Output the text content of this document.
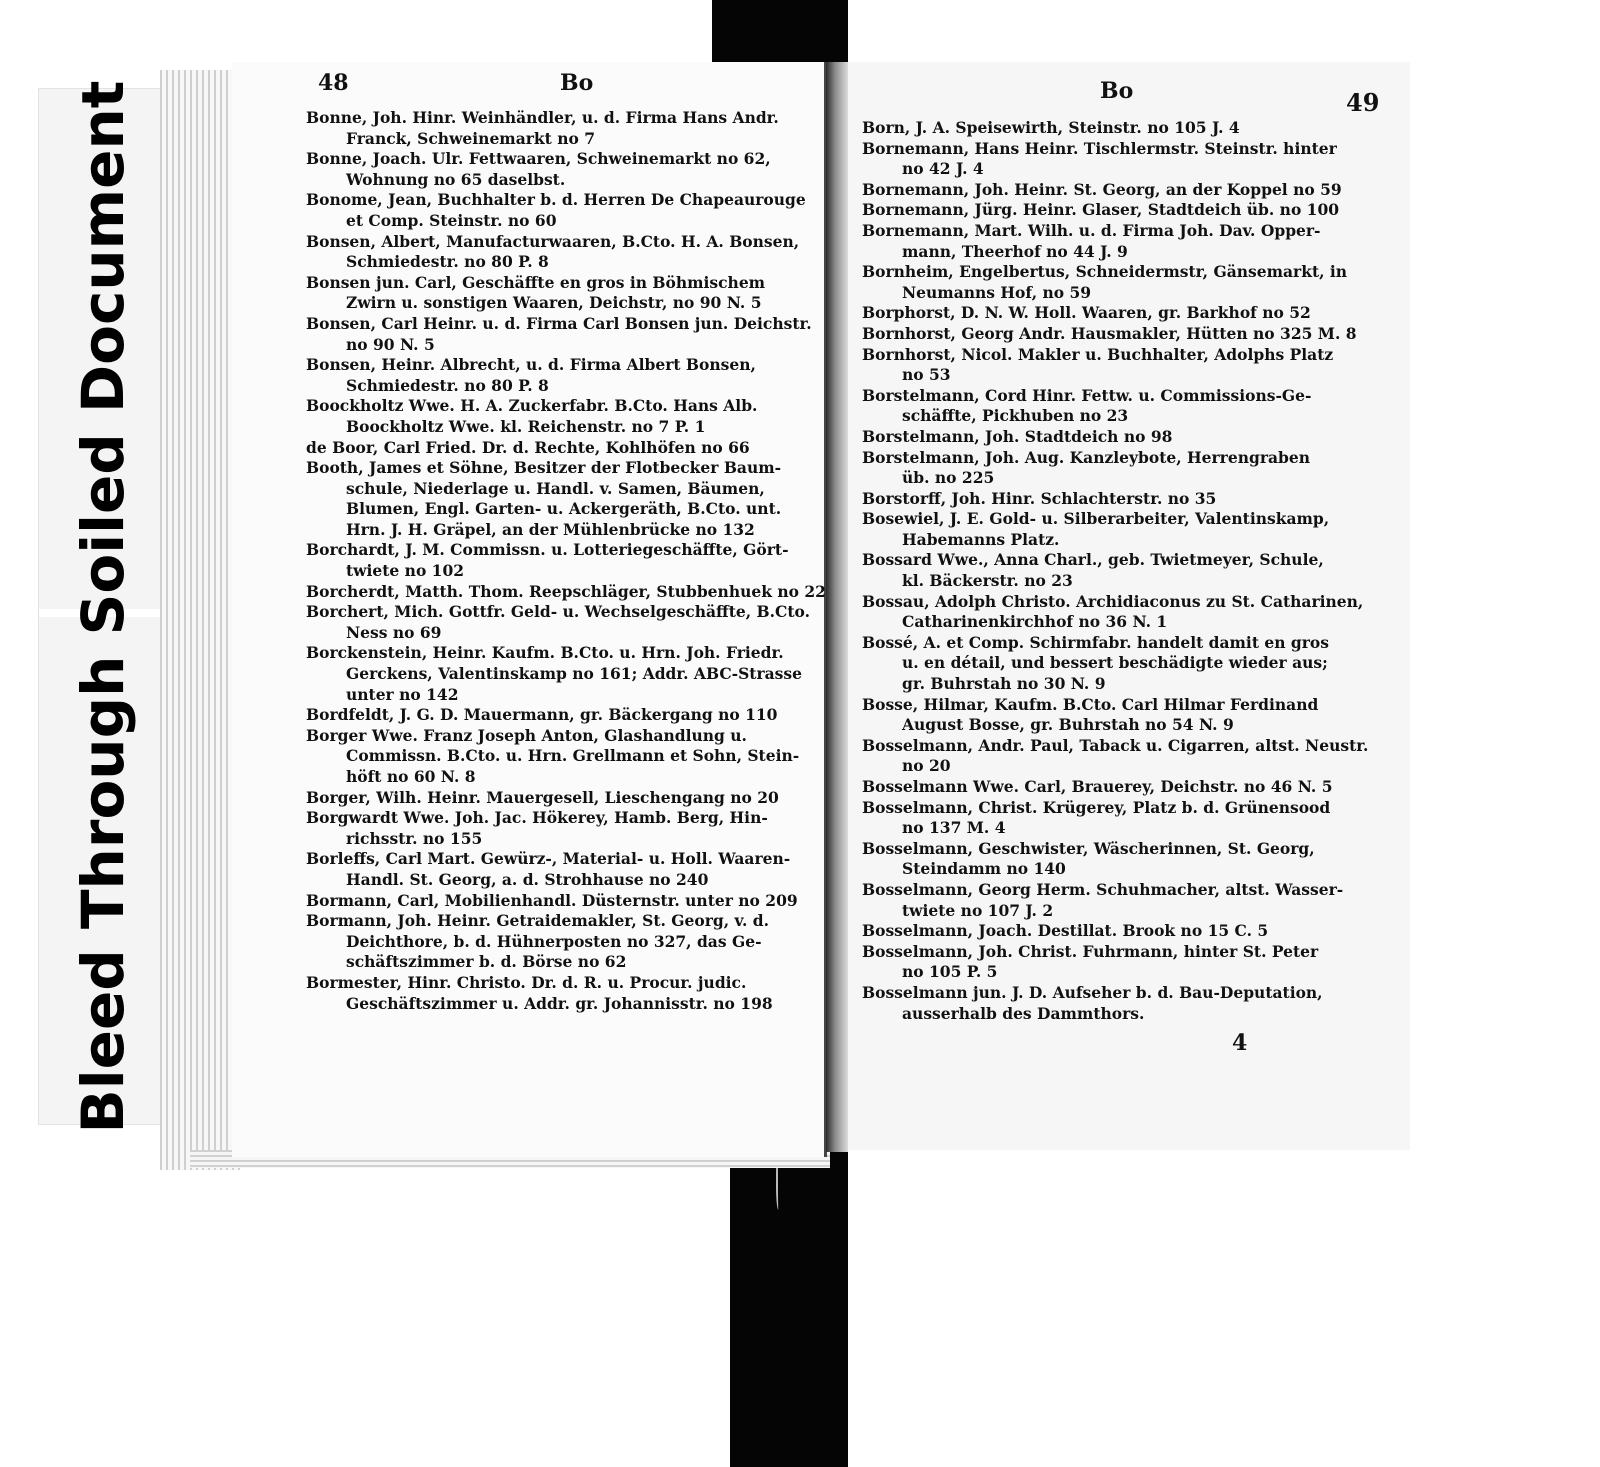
Bleed Through Soiled Document	48	Bo	Bo	49
Bonne, Joh. Hinr. Weinhändler, u. d. Firma Hans Andr.
Franck, Schweinemarkt no 7
Bonne, Joach. Ulr. Fettwaaren, Schweinemarkt no 62,
Wohnung no 65 daselbst.
Bonome, Jean, Buchhalter b. d. Herren De Chapeaurouge
et Comp. Steinstr. no 60
Bonsen, Albert, Manufacturwaaren, B.Cto. H. A. Bonsen,
Schmiedestr. no 80 P. 8
Bonsen jun. Carl, Geschäffte en gros in Böhmischem
Zwirn u. sonstigen Waaren, Deichstr, no 90 N. 5
Bonsen, Carl Heinr. u. d. Firma Carl Bonsen jun. Deichstr.
no 90 N. 5
Bonsen, Heinr. Albrecht, u. d. Firma Albert Bonsen,
Schmiedestr. no 80 P. 8
Boockholtz Wwe. H. A. Zuckerfabr. B.Cto. Hans Alb.
Boockholtz Wwe. kl. Reichenstr. no 7 P. 1
de Boor, Carl Fried. Dr. d. Rechte, Kohlhöfen no 66
Booth, James et Söhne, Besitzer der Flotbecker Baum-
schule, Niederlage u. Handl. v. Samen, Bäumen,
Blumen, Engl. Garten- u. Ackergeräth, B.Cto. unt.
Hrn. J. H. Gräpel, an der Mühlenbrücke no 132
Borchardt, J. M. Commissn. u. Lotteriegeschäffte, Gört-
twiete no 102
Borcherdt, Matth. Thom. Reepschläger, Stubbenhuek no 22
Borchert, Mich. Gottfr. Geld- u. Wechselgeschäffte, B.Cto.
Ness no 69
Borckenstein, Heinr. Kaufm. B.Cto. u. Hrn. Joh. Friedr.
Gerckens, Valentinskamp no 161; Addr. ABC-Strasse
unter no 142
Bordfeldt, J. G. D. Mauermann, gr. Bäckergang no 110
Borger Wwe. Franz Joseph Anton, Glashandlung u.
Commissn. B.Cto. u. Hrn. Grellmann et Sohn, Stein-
höft no 60 N. 8
Borger, Wilh. Heinr. Mauergesell, Lieschengang no 20
Borgwardt Wwe. Joh. Jac. Hökerey, Hamb. Berg, Hin-
richsstr. no 155
Borleffs, Carl Mart. Gewürz-, Material- u. Holl. Waaren-
Handl. St. Georg, a. d. Strohhause no 240
Bormann, Carl, Mobilienhandl. Düsternstr. unter no 209
Bormann, Joh. Heinr. Getraidemakler, St. Georg, v. d.
Deichthore, b. d. Hühnerposten no 327, das Ge-
schäftszimmer b. d. Börse no 62
Bormester, Hinr. Christo. Dr. d. R. u. Procur. judic.
Geschäftszimmer u. Addr. gr. Johannisstr. no 198
Born, J. A. Speisewirth, Steinstr. no 105 J. 4
Bornemann, Hans Heinr. Tischlermstr. Steinstr. hinter
no 42 J. 4
Bornemann, Joh. Heinr. St. Georg, an der Koppel no 59
Bornemann, Jürg. Heinr. Glaser, Stadtdeich üb. no 100
Bornemann, Mart. Wilh. u. d. Firma Joh. Dav. Opper-
mann, Theerhof no 44 J. 9
Bornheim, Engelbertus, Schneidermstr, Gänsemarkt, in
Neumanns Hof, no 59
Borphorst, D. N. W. Holl. Waaren, gr. Barkhof no 52
Bornhorst, Georg Andr. Hausmakler, Hütten no 325 M. 8
Bornhorst, Nicol. Makler u. Buchhalter, Adolphs Platz
no 53
Borstelmann, Cord Hinr. Fettw. u. Commissions-Ge-
schäffte, Pickhuben no 23
Borstelmann, Joh. Stadtdeich no 98
Borstelmann, Joh. Aug. Kanzleybote, Herrengraben
üb. no 225
Borstorff, Joh. Hinr. Schlachterstr. no 35
Bosewiel, J. E. Gold- u. Silberarbeiter, Valentinskamp,
Habemanns Platz.
Bossard Wwe., Anna Charl., geb. Twietmeyer, Schule,
kl. Bäckerstr. no 23
Bossau, Adolph Christo. Archidiaconus zu St. Catharinen,
Catharinenkirchhof no 36 N. 1
Bossé, A. et Comp. Schirmfabr. handelt damit en gros
u. en détail, und bessert beschädigte wieder aus;
gr. Buhrstah no 30 N. 9
Bosse, Hilmar, Kaufm. B.Cto. Carl Hilmar Ferdinand
August Bosse, gr. Buhrstah no 54 N. 9
Bosselmann, Andr. Paul, Taback u. Cigarren, altst. Neustr.
no 20
Bosselmann Wwe. Carl, Brauerey, Deichstr. no 46 N. 5
Bosselmann, Christ. Krügerey, Platz b. d. Grünensood
no 137 M. 4
Bosselmann, Geschwister, Wäscherinnen, St. Georg,
Steindamm no 140
Bosselmann, Georg Herm. Schuhmacher, altst. Wasser-
twiete no 107 J. 2
Bosselmann, Joach. Destillat. Brook no 15 C. 5
Bosselmann, Joh. Christ. Fuhrmann, hinter St. Peter
no 105 P. 5
Bosselmann jun. J. D. Aufseher b. d. Bau-Deputation,
ausserhalb des Dammthors.
4
